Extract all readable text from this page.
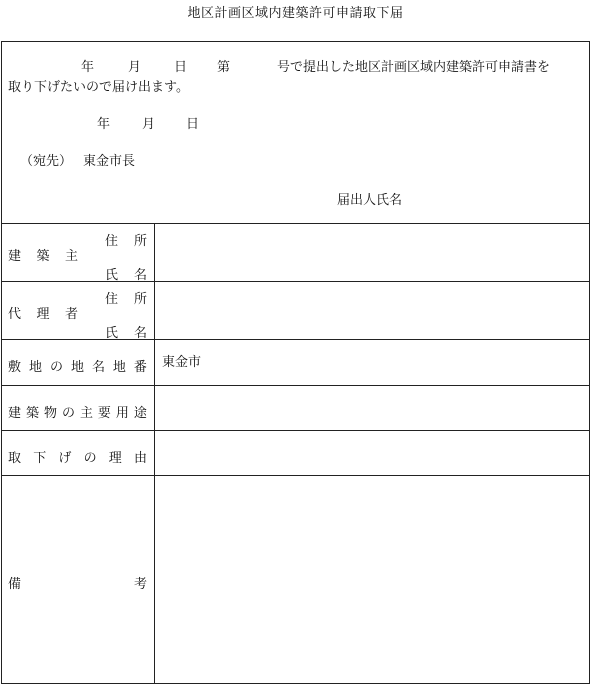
地区計画区域内建築許可申請取下届
年	月	日 第	号で提出した地区計画区域内建築許可申請書を
取り下げたいので届け出ます。
年 月 日
（宛先） 東金市長
届出人氏名
建 築 主
住 所
氏 名
代 理 者
住 所
氏 名
敷 地 の 地 名 地 番 東金市
建 築 物 の 主 要 用 途
取 下 げ の 理 由
備	考
